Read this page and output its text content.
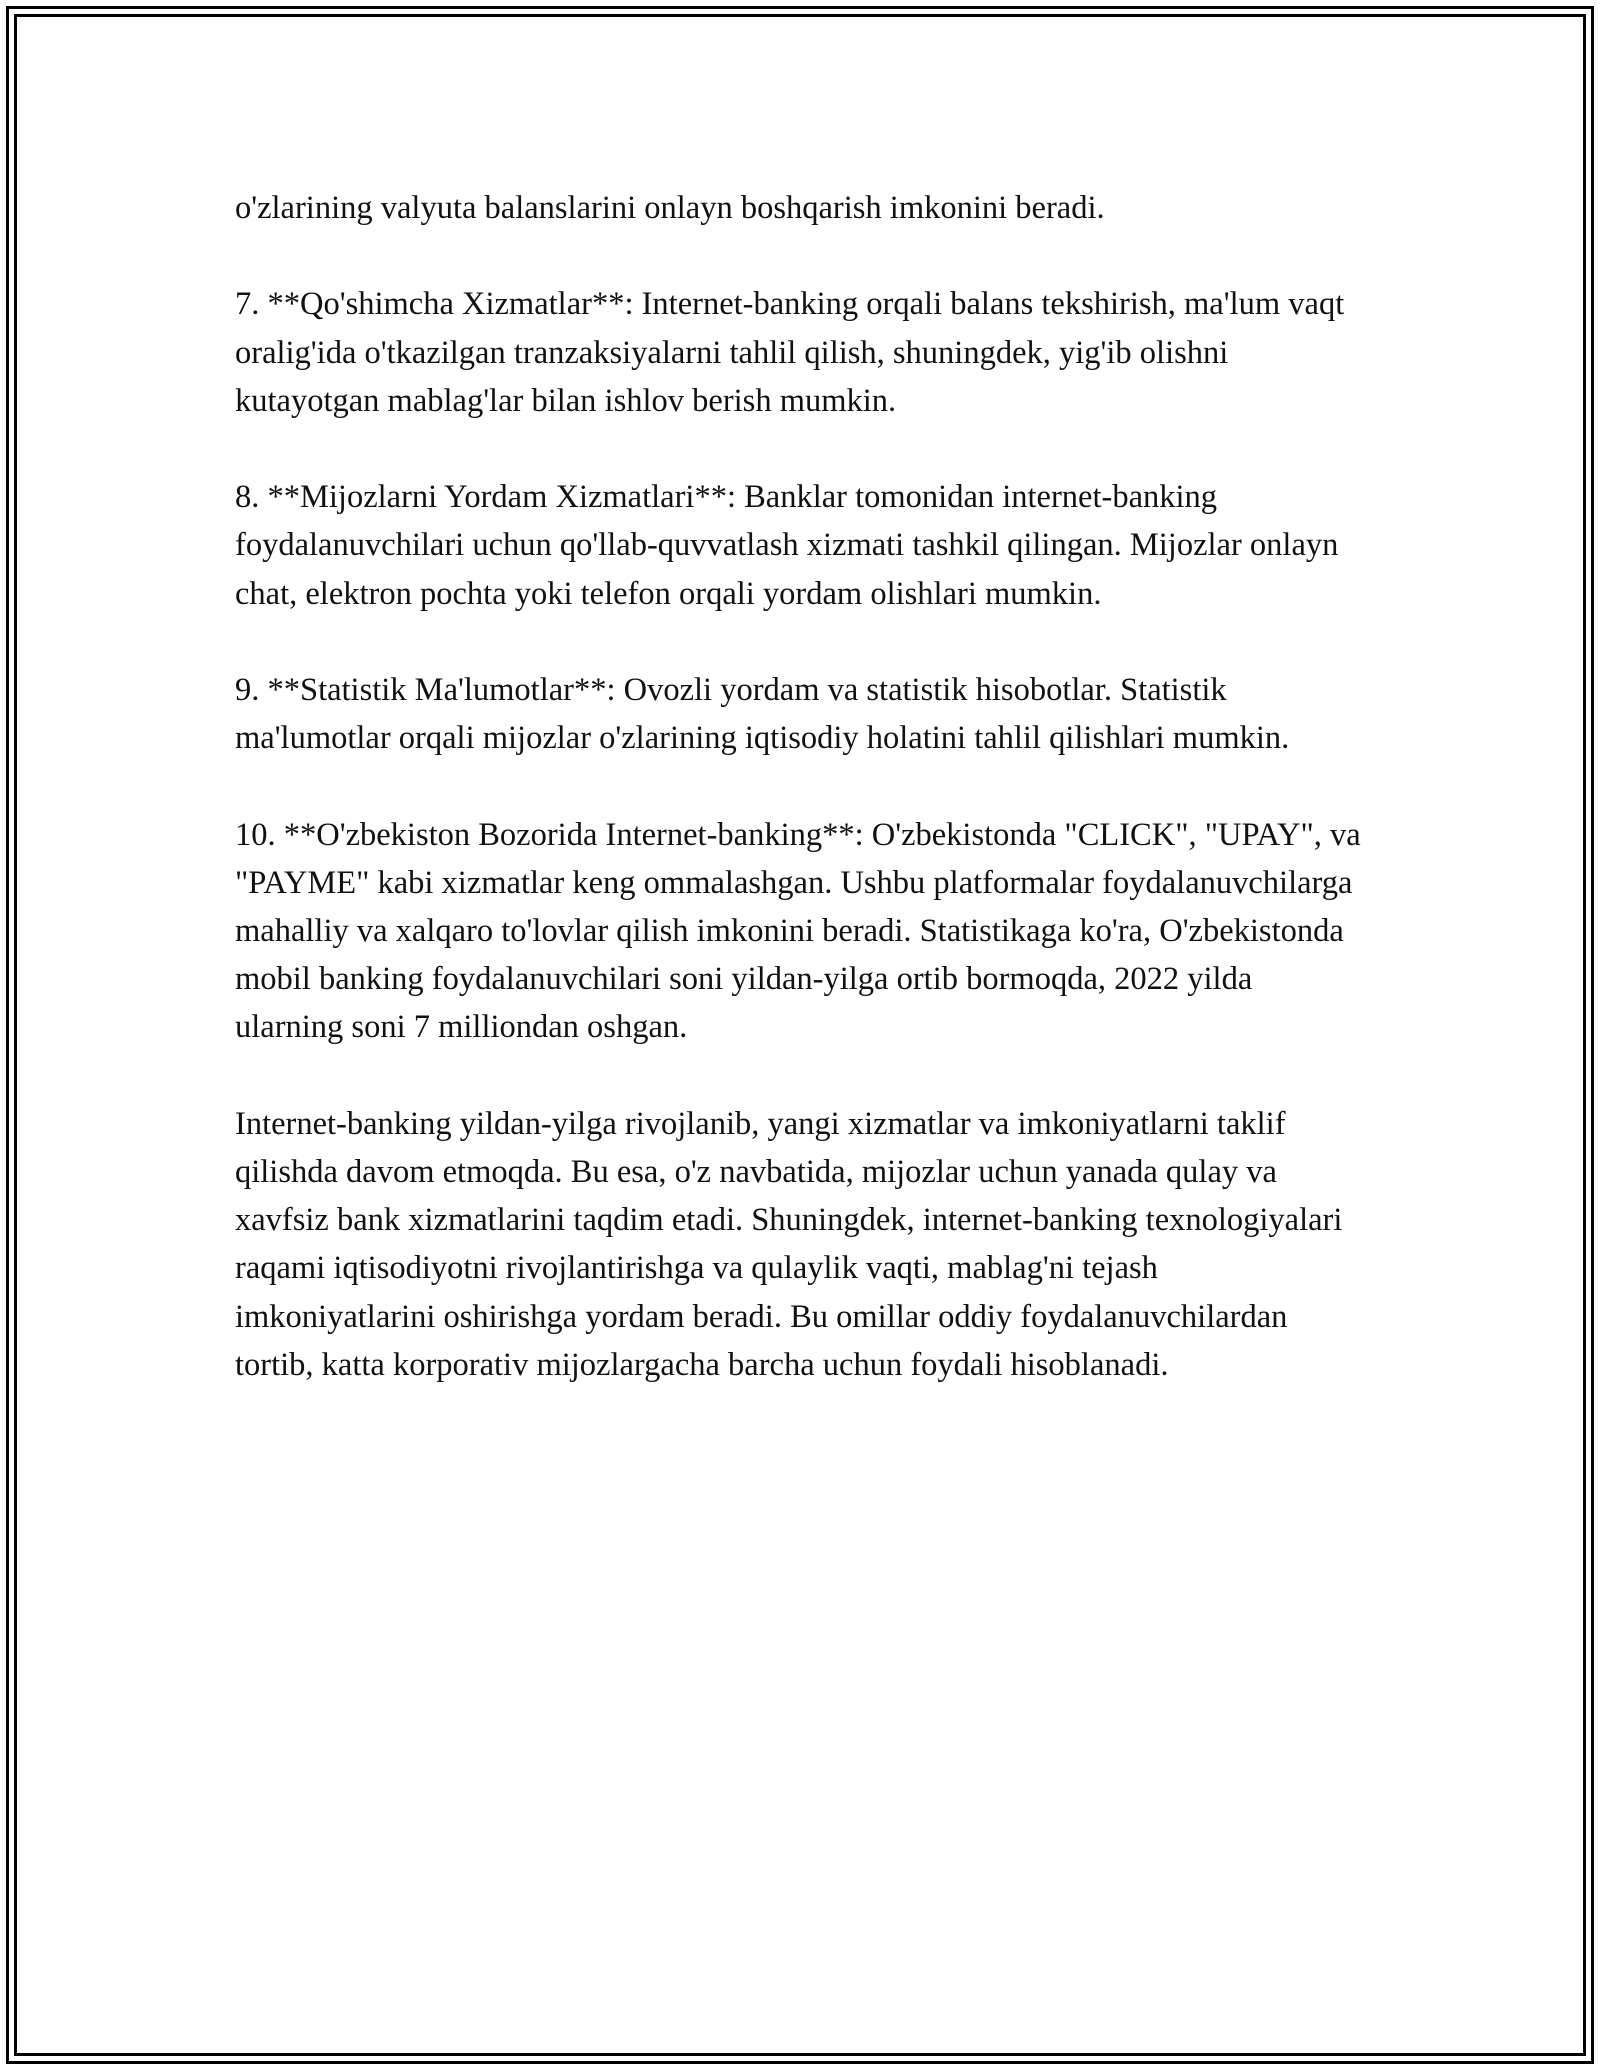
o'zlarining valyuta balanslarini onlayn boshqarish imkonini beradi.

7. **Qo'shimcha Xizmatlar**: Internet-banking orqali balans tekshirish, ma'lum vaqt oralig'ida o'tkazilgan tranzaksiyalarni tahlil qilish, shuningdek, yig'ib olishni kutayotgan mablag'lar bilan ishlov berish mumkin.

8. **Mijozlarni Yordam Xizmatlari**: Banklar tomonidan internet-banking foydalanuvchilari uchun qo'llab-quvvatlash xizmati tashkil qilingan. Mijozlar onlayn chat, elektron pochta yoki telefon orqali yordam olishlari mumkin.

9. **Statistik Ma'lumotlar**: Ovozli yordam va statistik hisobotlar. Statistik ma'lumotlar orqali mijozlar o'zlarining iqtisodiy holatini tahlil qilishlari mumkin.

10. **O'zbekiston Bozorida Internet-banking**: O'zbekistonda "CLICK", "UPAY", va "PAYME" kabi xizmatlar keng ommalashgan. Ushbu platformalar foydalanuvchilarga mahalliy va xalqaro to'lovlar qilish imkonini beradi. Statistikaga ko'ra, O'zbekistonda mobil banking foydalanuvchilari soni yildan-yilga ortib bormoqda, 2022 yilda ularning soni 7 milliondan oshgan.

Internet-banking yildan-yilga rivojlanib, yangi xizmatlar va imkoniyatlarni taklif qilishda davom etmoqda. Bu esa, o'z navbatida, mijozlar uchun yanada qulay va xavfsiz bank xizmatlarini taqdim etadi. Shuningdek, internet-banking texnologiyalari raqami iqtisodiyotni rivojlantirishga va qulaylik vaqti, mablag'ni tejash imkoniyatlarini oshirishga yordam beradi. Bu omillar oddiy foydalanuvchilardan tortib, katta korporativ mijozlargacha barcha uchun foydali hisoblanadi.
